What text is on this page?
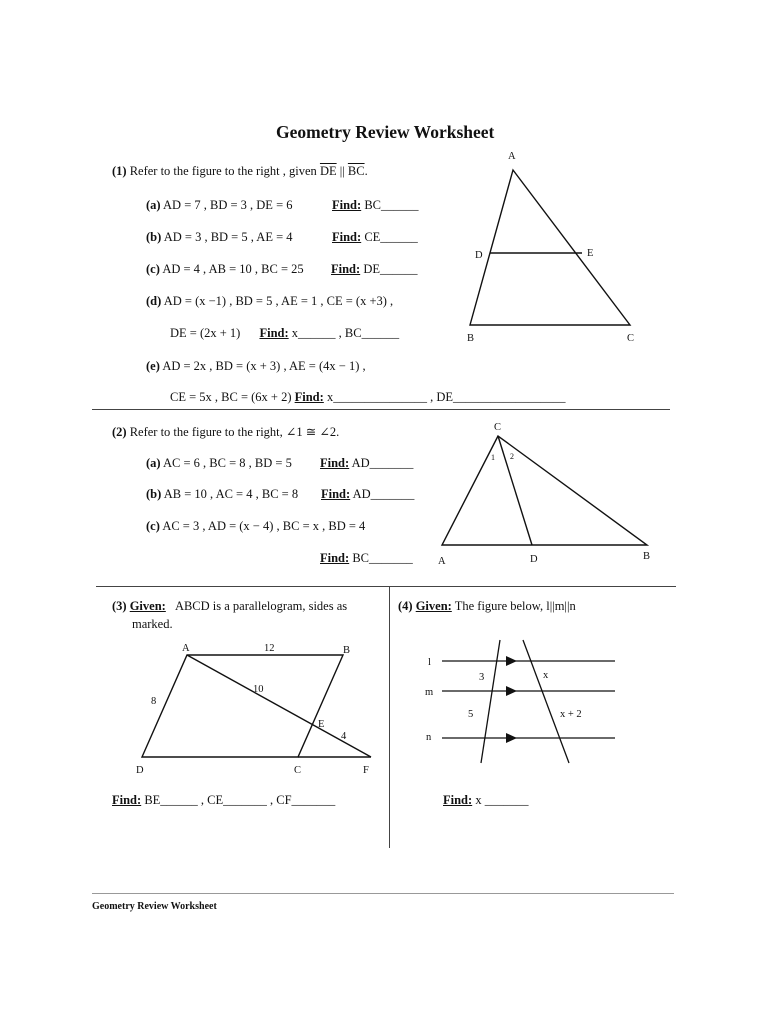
Geometry Review Worksheet
(1) Refer to the figure to the right , given $\overline{DE}$ || $\overline{BC}$.
(a) AD = 7 , BD = 3 , DE = 6	Find: BC______
(b) AD = 3 , BD = 5 , AE = 4	Find: CE______
(c) AD = 4 , AB = 10 , BC = 25 Find: DE______
(d) AD = (x −1) , BD = 5 , AE = 1 , CE = (x +3) ,
DE = (2x + 1) Find: x______ , BC______
(e) AD = 2x , BD = (x + 3) , AE = (4x − 1) ,
CE = 5x , BC = (6x + 2) Find: x_______________ , DE__________________
A
B	C
D	E
(2) Refer to the figure to the right, ∠1 ≅ ∠2.
(a) AC = 6 , BC = 8 , BD = 5 Find: AD_______
(b) AB = 10 , AC = 4 , BC = 8 Find: AD_______
(c) AC = 3 , AD = (x − 4) , BC = x , BD = 4
Find: BC_______
C
A	D	B
1 2
(3) Given: ABCD is a parallelogram, sides as
marked.
A	B
C
D
E
F
12
10
8
4
Find: BE______ , CE_______ , CF_______
(4) Given: The figure below, l||m||n
l
m
n
3	x
5	x + 2
Find: x _______
Geometry Review Worksheet
